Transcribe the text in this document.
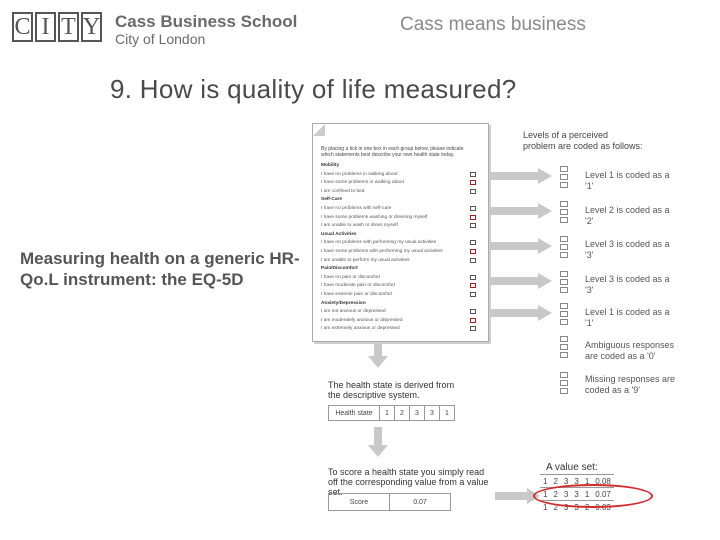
C I T Y Cass Business School
City of London
Cass means business
9. How is quality of life measured?
Measuring health on a generic HR-Qo.L instrument: the EQ-5D
By placing a tick in one box in each group below, please indicate which statements best describe your own health state today.
Mobility
I have no problems in walking about
I have some problems in walking about
I am confined to bed
Self-Care
I have no problems with self-care
I have some problems washing or dressing myself
I am unable to wash or dress myself
Usual Activities
I have no problems with performing my usual activities
I have some problems with performing my usual activities
I am unable to perform my usual activities
Pain/Discomfort
I have no pain or discomfort
I have moderate pain or discomfort
I have extreme pain or discomfort
Anxiety/Depression
I am not anxious or depressed
I am moderately anxious or depressed
I am extremely anxious or depressed
Levels of a perceived problem are coded as follows:
Level 1 is coded as a '1'
Level 2 is coded as a '2'
Level 3 is coded as a '3'
Level 3 is coded as a '3'
Level 1 is coded as a '1'
Ambiguous responses are coded as a '0'
Missing responses are coded as a '9'
The health state is derived from the descriptive system.
Health state	1	2	3	3	1
To score a health state you simply read off the corresponding value from a value set.
Score	0.07
A value set:
1	2	3	3	1	0.08
1	2	3	3	1	0.07
1	2	3	3	2	0.03
